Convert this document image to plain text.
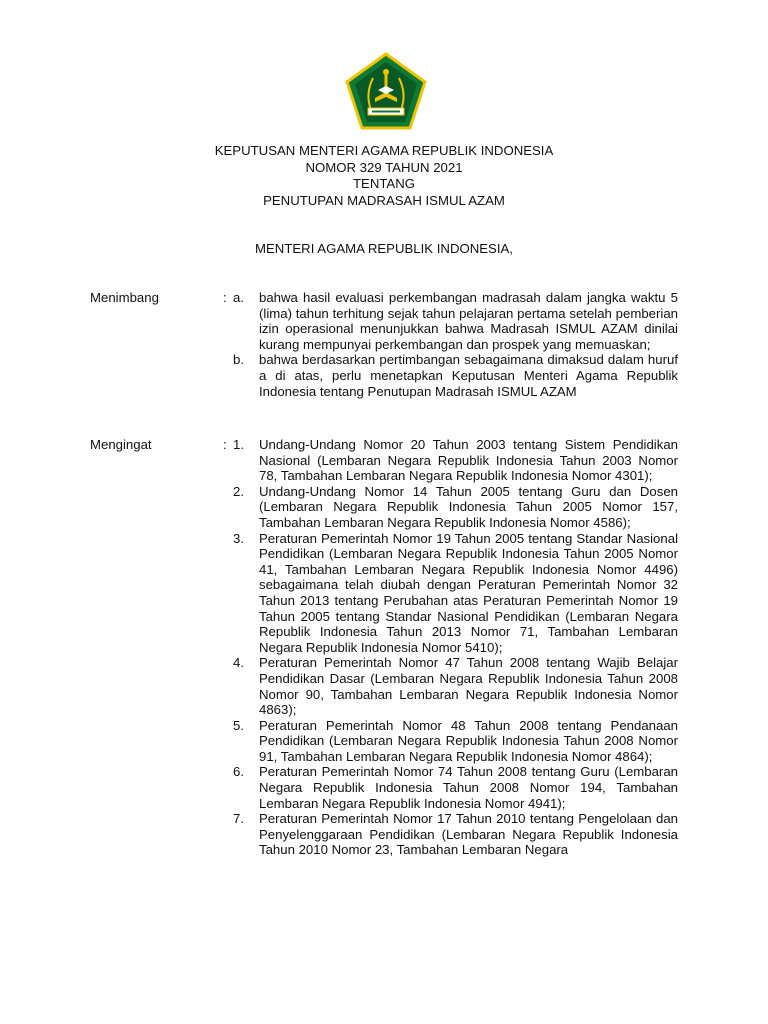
KEPUTUSAN MENTERI AGAMA REPUBLIK INDONESIA
NOMOR 329 TAHUN 2021
TENTANG
PENUTUPAN MADRASAH ISMUL AZAM
MENTERI AGAMA REPUBLIK INDONESIA,
Menimbang	: a.	bahwa hasil evaluasi perkembangan madrasah dalam jangka waktu 5 (lima) tahun terhitung sejak tahun pelajaran pertama setelah pemberian izin operasional menunjukkan bahwa Madrasah ISMUL AZAM dinilai kurang mempunyai perkembangan dan prospek yang memuaskan;
b.	bahwa berdasarkan pertimbangan sebagaimana dimaksud dalam huruf a di atas, perlu menetapkan Keputusan Menteri Agama Republik Indonesia tentang Penutupan Madrasah ISMUL AZAM
Mengingat	: 1.	Undang-Undang Nomor 20 Tahun 2003 tentang Sistem Pendidikan Nasional (Lembaran Negara Republik Indonesia Tahun 2003 Nomor 78, Tambahan Lembaran Negara Republik Indonesia Nomor 4301);
2.	Undang-Undang Nomor 14 Tahun 2005 tentang Guru dan Dosen (Lembaran Negara Republik Indonesia Tahun 2005 Nomor 157, Tambahan Lembaran Negara Republik Indonesia Nomor 4586);
3.	Peraturan Pemerintah Nomor 19 Tahun 2005 tentang Standar Nasional Pendidikan (Lembaran Negara Republik Indonesia Tahun 2005 Nomor 41, Tambahan Lembaran Negara Republik Indonesia Nomor 4496) sebagaimana telah diubah dengan Peraturan Pemerintah Nomor 32 Tahun 2013 tentang Perubahan atas Peraturan Pemerintah Nomor 19 Tahun 2005 tentang Standar Nasional Pendidikan (Lembaran Negara Republik Indonesia Tahun 2013 Nomor 71, Tambahan Lembaran Negara Republik Indonesia Nomor 5410);
4.	Peraturan Pemerintah Nomor 47 Tahun 2008 tentang Wajib Belajar Pendidikan Dasar (Lembaran Negara Republik Indonesia Tahun 2008 Nomor 90, Tambahan Lembaran Negara Republik Indonesia Nomor 4863);
5.	Peraturan Pemerintah Nomor 48 Tahun 2008 tentang Pendanaan Pendidikan (Lembaran Negara Republik Indonesia Tahun 2008 Nomor 91, Tambahan Lembaran Negara Republik Indonesia Nomor 4864);
6.	Peraturan Pemerintah Nomor 74 Tahun 2008 tentang Guru (Lembaran Negara Republik Indonesia Tahun 2008 Nomor 194, Tambahan Lembaran Negara Republik Indonesia Nomor 4941);
7.	Peraturan Pemerintah Nomor 17 Tahun 2010 tentang Pengelolaan dan Penyelenggaraan Pendidikan (Lembaran Negara Republik Indonesia Tahun 2010 Nomor 23, Tambahan Lembaran Negara
